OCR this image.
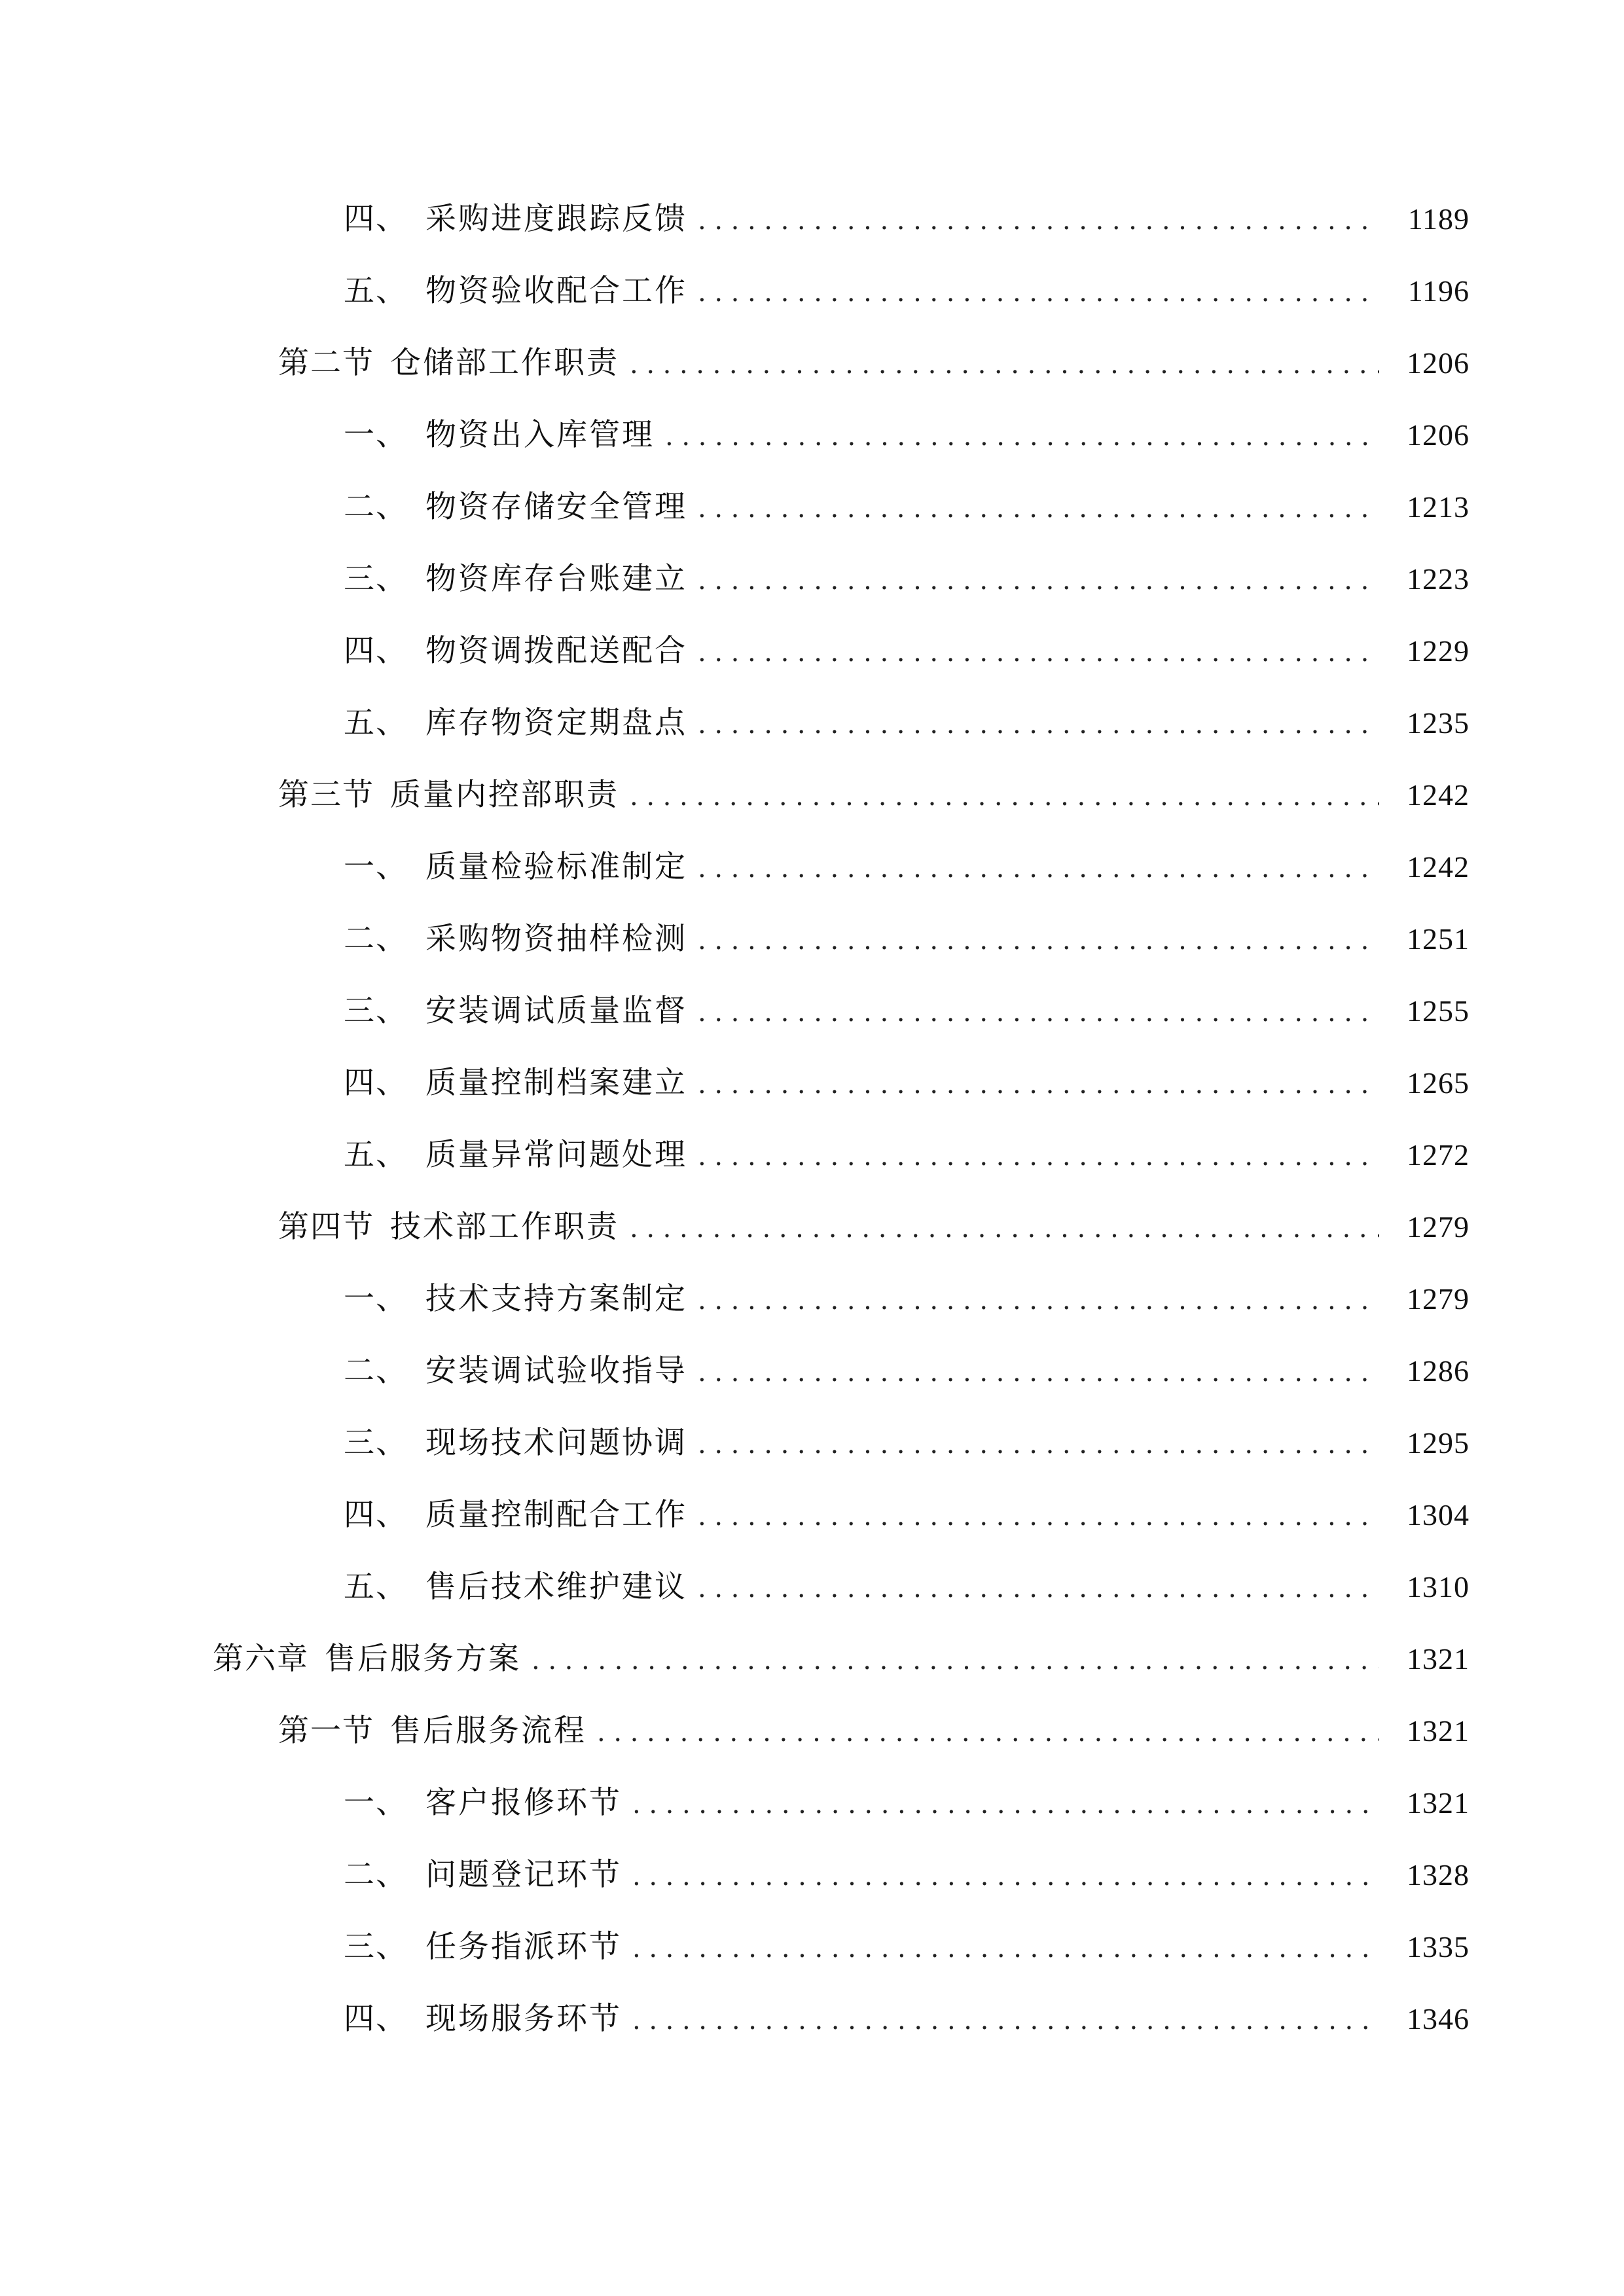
四、 采购进度跟踪反馈 .....	1189
五、 物资验收配合工作 .....	1196
第二节 仓储部工作职责 .....	1206
一、 物资出入库管理 .....	1206
二、 物资存储安全管理 .....	1213
三、 物资库存台账建立 .....	1223
四、 物资调拨配送配合 .....	1229
五、 库存物资定期盘点 .....	1235
第三节 质量内控部职责 .....	1242
一、 质量检验标准制定 .....	1242
二、 采购物资抽样检测 .....	1251
三、 安装调试质量监督 .....	1255
四、 质量控制档案建立 .....	1265
五、 质量异常问题处理 .....	1272
第四节 技术部工作职责 .....	1279
一、 技术支持方案制定 .....	1279
二、 安装调试验收指导 .....	1286
三、 现场技术问题协调 .....	1295
四、 质量控制配合工作 .....	1304
五、 售后技术维护建议 .....	1310
第六章 售后服务方案 .....	1321
第一节 售后服务流程 .....	1321
一、 客户报修环节 .....	1321
二、 问题登记环节 .....	1328
三、 任务指派环节 .....	1335
四、 现场服务环节 .....	1346
